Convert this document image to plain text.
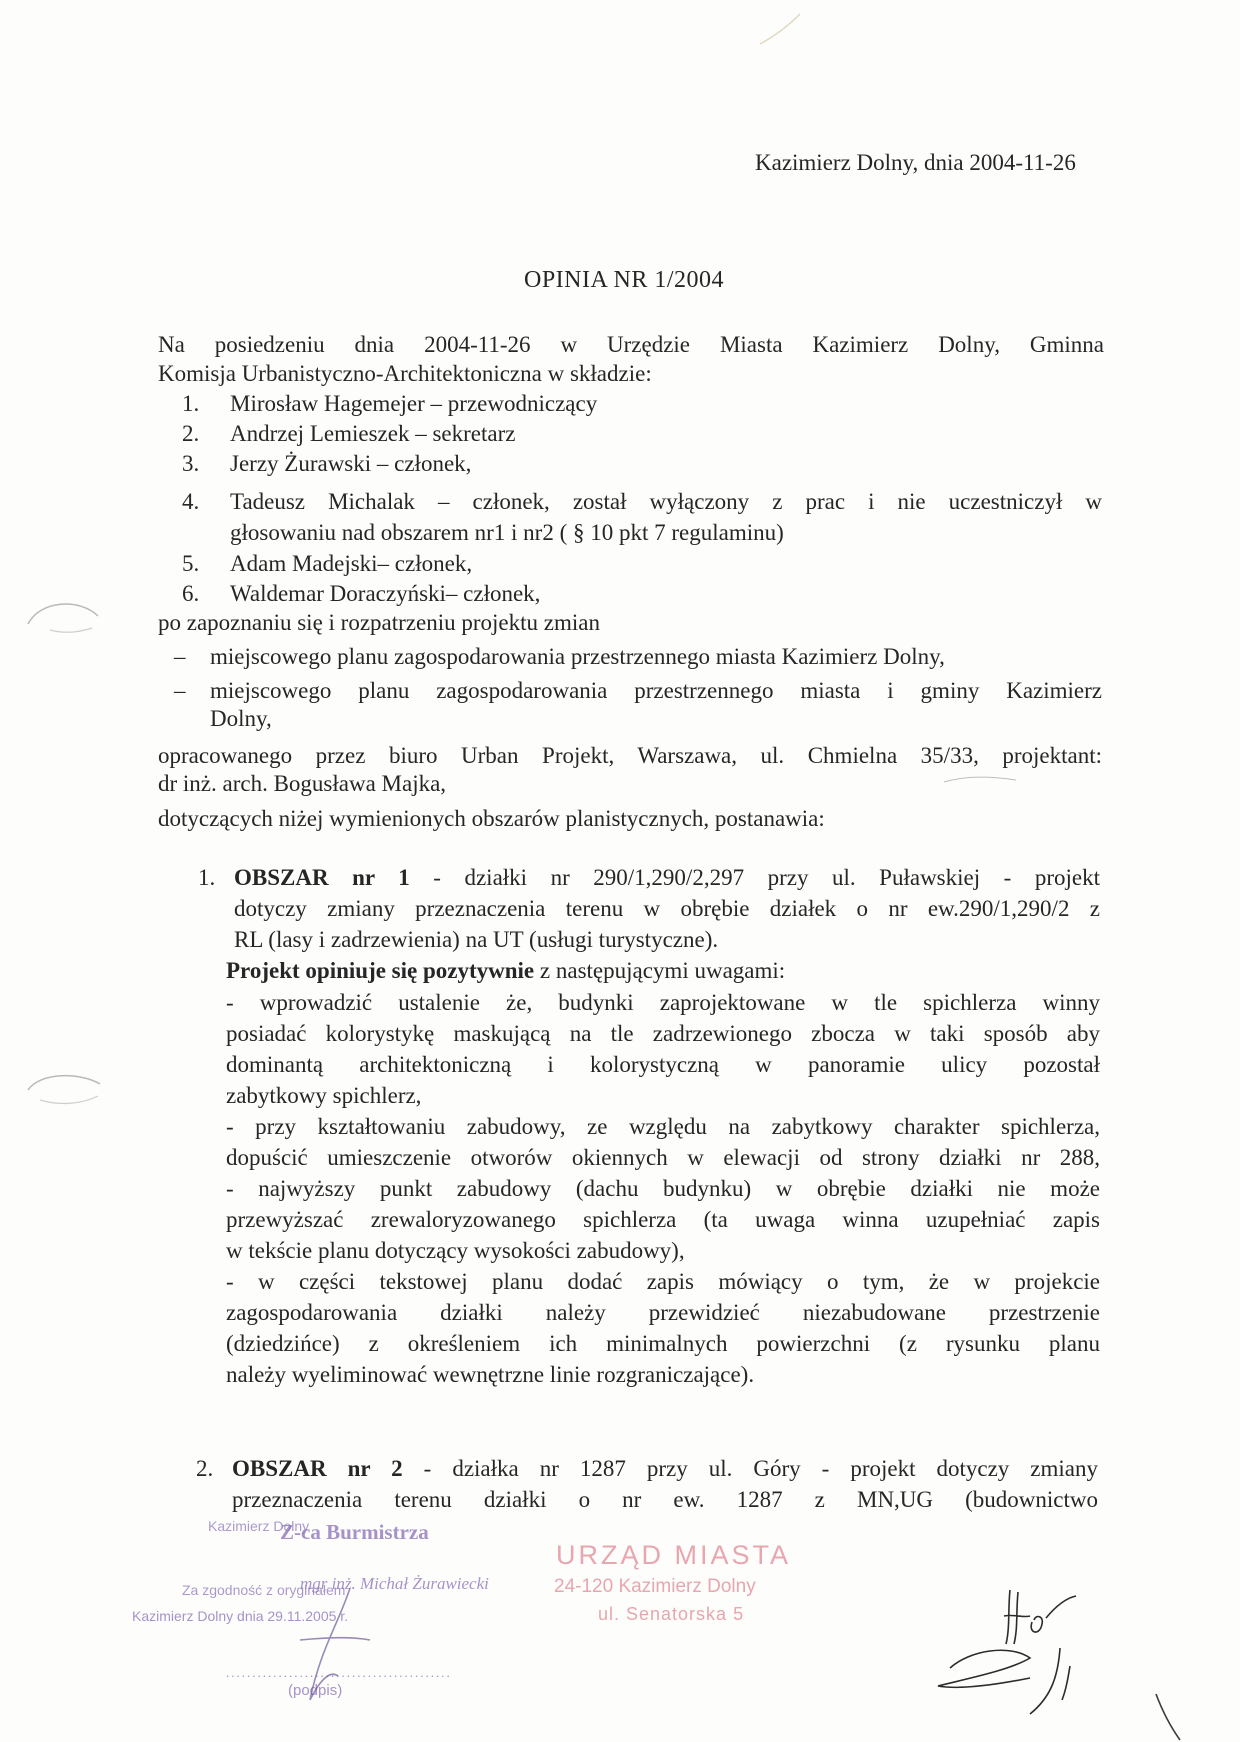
Kazimierz Dolny, dnia 2004-11-26
OPINIA NR 1/2004
Na posiedzeniu dnia 2004-11-26 w Urzędzie Miasta Kazimierz Dolny, Gminna
Komisja Urbanistyczno-Architektoniczna w składzie:
1. Mirosław Hagemejer – przewodniczący
2. Andrzej Lemieszek – sekretarz
3. Jerzy Żurawski – członek,
4. Tadeusz Michalak – członek, został wyłączony z prac i nie uczestniczył w
głosowaniu nad obszarem nr1 i nr2 ( § 10 pkt 7 regulaminu)
5. Adam Madejski– członek,
6. Waldemar Doraczyński– członek,
po zapoznaniu się i rozpatrzeniu projektu zmian
– miejscowego planu zagospodarowania przestrzennego miasta Kazimierz Dolny,
– miejscowego planu zagospodarowania przestrzennego miasta i gminy Kazimierz
Dolny,
opracowanego przez biuro Urban Projekt, Warszawa, ul. Chmielna 35/33, projektant:
dr inż. arch. Bogusława Majka,
dotyczących niżej wymienionych obszarów planistycznych, postanawia:
1. OBSZAR nr 1 - działki nr 290/1,290/2,297 przy ul. Puławskiej - projekt
dotyczy zmiany przeznaczenia terenu w obrębie działek o nr ew.290/1,290/2 z
RL (lasy i zadrzewienia) na UT (usługi turystyczne).
Projekt opiniuje się pozytywnie z następującymi uwagami:
- wprowadzić ustalenie że, budynki zaprojektowane w tle spichlerza winny
posiadać kolorystykę maskującą na tle zadrzewionego zbocza w taki sposób aby
dominantą architektoniczną i kolorystyczną w panoramie ulicy pozostał
zabytkowy spichlerz,
- przy kształtowaniu zabudowy, ze względu na zabytkowy charakter spichlerza,
dopuścić umieszczenie otworów okiennych w elewacji od strony działki nr 288,
- najwyższy punkt zabudowy (dachu budynku) w obrębie działki nie może
przewyższać zrewaloryzowanego spichlerza (ta uwaga winna uzupełniać zapis
w tekście planu dotyczący wysokości zabudowy),
- w części tekstowej planu dodać zapis mówiący o tym, że w projekcie
zagospodarowania działki należy przewidzieć niezabudowane przestrzenie
(dziedzińce) z określeniem ich minimalnych powierzchni (z rysunku planu
należy wyeliminować wewnętrzne linie rozgraniczające).
2. OBSZAR nr 2 - działka nr 1287 przy ul. Góry - projekt dotyczy zmiany
przeznaczenia terenu działki o nr ew. 1287 z MN,UG (budownictwo
URZĄD MIASTA
24-120 Kazimierz Dolny
ul. Senatorska 5
Kazimierz Dolny
Z-ca Burmistrza
Za zgodność z oryginałem
mgr inż. Michał Żurawiecki
Kazimierz Dolny dnia 29.11.2005 r.
...........................................
(podpis)
